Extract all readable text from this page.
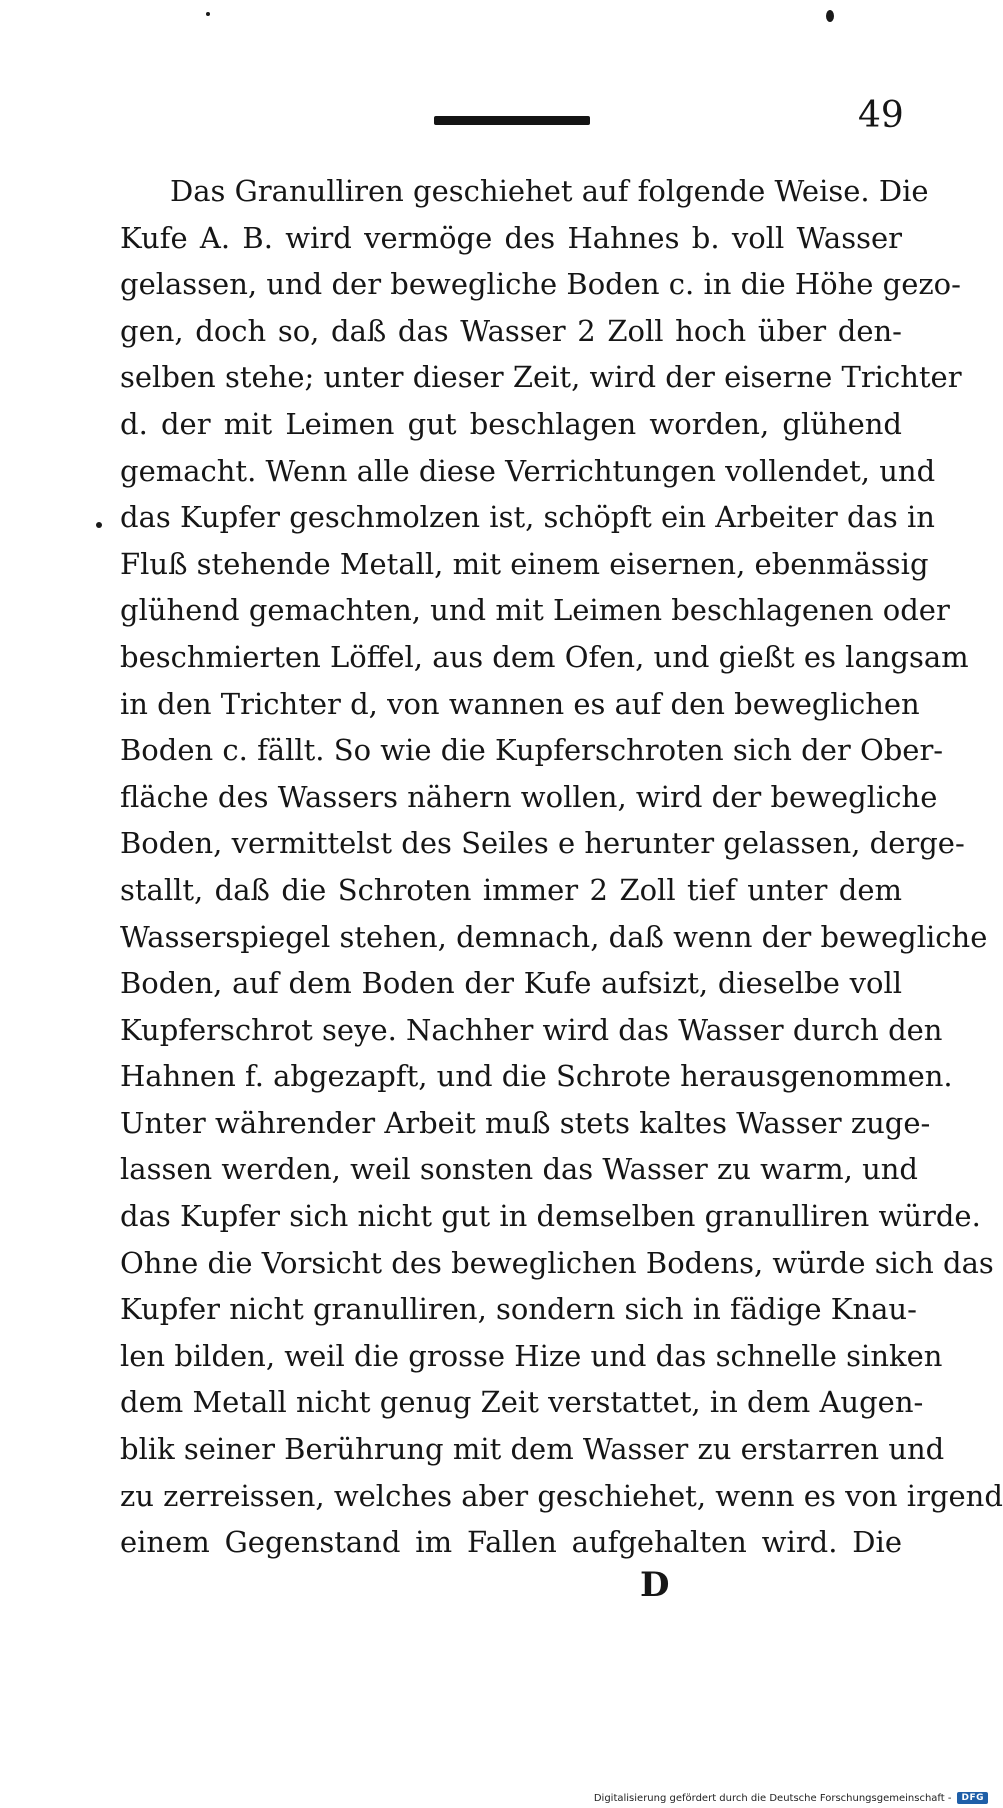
49
Das Granulliren geschiehet auf folgende Weise. Die
Kufe A. B. wird vermöge des Hahnes b. voll Wasser
gelassen, und der bewegliche Boden c. in die Höhe gezo-
gen, doch so, daß das Wasser 2 Zoll hoch über den-
selben stehe; unter dieser Zeit, wird der eiserne Trichter
d. der mit Leimen gut beschlagen worden, glühend
gemacht. Wenn alle diese Verrichtungen vollendet, und
das Kupfer geschmolzen ist, schöpft ein Arbeiter das in
Fluß stehende Metall, mit einem eisernen, ebenmässig
glühend gemachten, und mit Leimen beschlagenen oder
beschmierten Löffel, aus dem Ofen, und gießt es langsam
in den Trichter d, von wannen es auf den beweglichen
Boden c. fällt. So wie die Kupferschroten sich der Ober-
fläche des Wassers nähern wollen, wird der bewegliche
Boden, vermittelst des Seiles e herunter gelassen, derge-
stallt, daß die Schroten immer 2 Zoll tief unter dem
Wasserspiegel stehen, demnach, daß wenn der bewegliche
Boden, auf dem Boden der Kufe aufsizt, dieselbe voll
Kupferschrot seye. Nachher wird das Wasser durch den
Hahnen f. abgezapft, und die Schrote herausgenommen.
Unter währender Arbeit muß stets kaltes Wasser zuge-
lassen werden, weil sonsten das Wasser zu warm, und
das Kupfer sich nicht gut in demselben granulliren würde.
Ohne die Vorsicht des beweglichen Bodens, würde sich das
Kupfer nicht granulliren, sondern sich in fädige Knau-
len bilden, weil die grosse Hize und das schnelle sinken
dem Metall nicht genug Zeit verstattet, in dem Augen-
blik seiner Berührung mit dem Wasser zu erstarren und
zu zerreissen, welches aber geschiehet, wenn es von irgend
einem Gegenstand im Fallen aufgehalten wird. Die
D
Digitalisierung gefördert durch die Deutsche Forschungsgemeinschaft -	DFG
